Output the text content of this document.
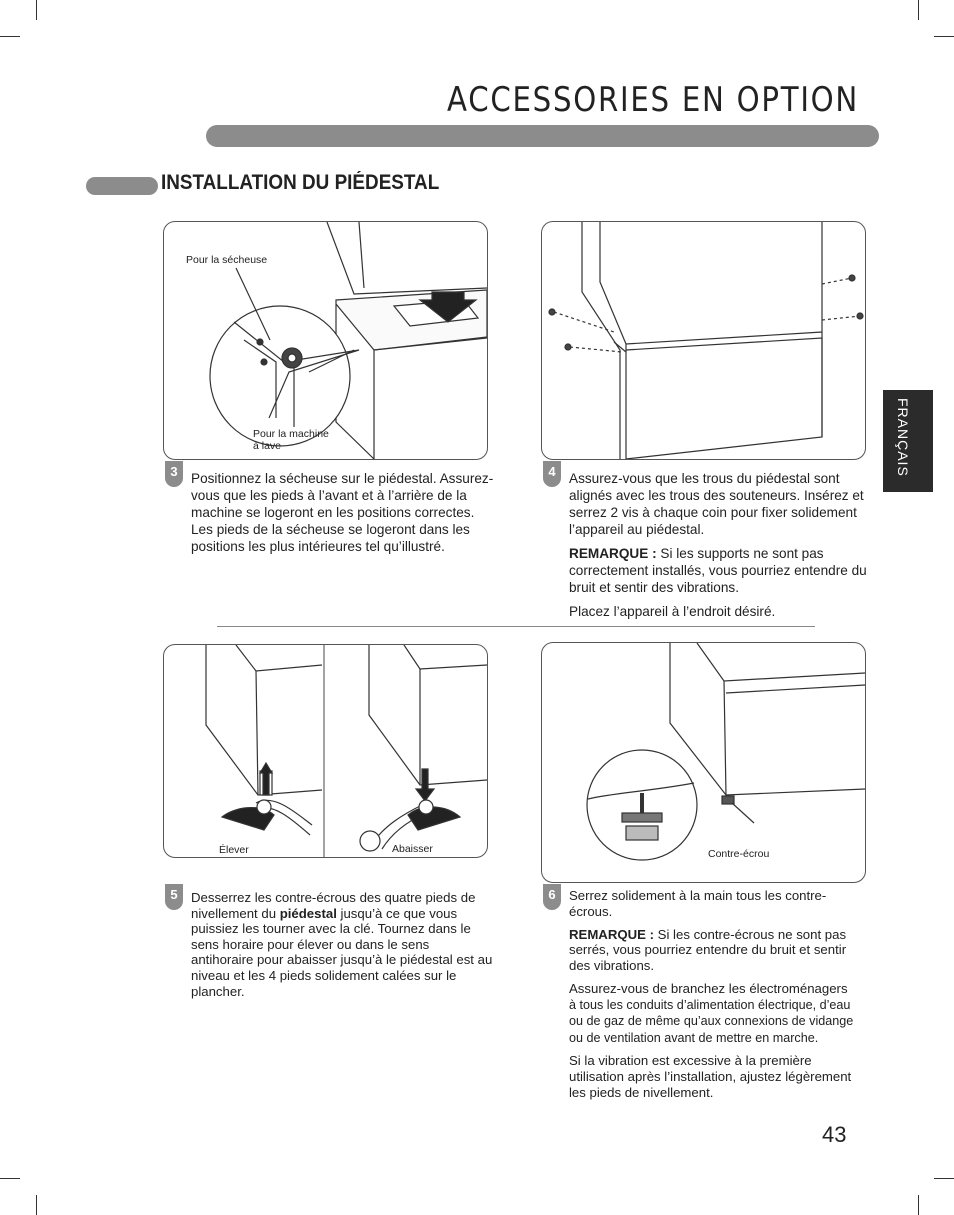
ACCESSORIES EN OPTION
INSTALLATION DU PIÉDESTAL
FRANÇAIS
Pour la sécheuse
Pour la machine
à lave
3 Positionnez la sécheuse sur le piédestal. Assurez-vous que les pieds à l’avant et à l’arrière de la machine se logeront en les positions correctes. Les pieds de la sécheuse se logeront dans les positions les plus intérieures tel qu’illustré.

4 Assurez-vous que les trous du piédestal sont alignés avec les trous des souteneurs. Insérez et serrez 2 vis à chaque coin pour fixer solidement l’appareil au piédestal.

REMARQUE : Si les supports ne sont pas correctement installés, vous pourriez entendre du bruit et sentir des vibrations.

Placez l’appareil à l’endroit désiré.

Élever	Abaisser
5	Desserrez les contre-écrous des quatre pieds de nivellement du piédestal jusqu’à ce que vous puissiez les tourner avec la clé. Tournez dans le sens horaire pour élever ou dans le sens antihoraire pour abaisser jusqu’à le piédestal est au niveau et les 4 pieds solidement calées sur le plancher.

Contre-écrou
6	Serrez solidement à la main tous les contre-écrous.

REMARQUE : Si les contre-écrous ne sont pas serrés, vous pourriez entendre du bruit et sentir des vibrations.

Assurez-vous de branchez les électroménagers
à tous les conduits d’alimentation électrique, d’eau ou de gaz de même qu’aux connexions de vidange ou de ventilation avant de mettre en marche.

Si la vibration est excessive à la première utilisation après l’installation, ajustez légèrement les pieds de nivellement.

43
